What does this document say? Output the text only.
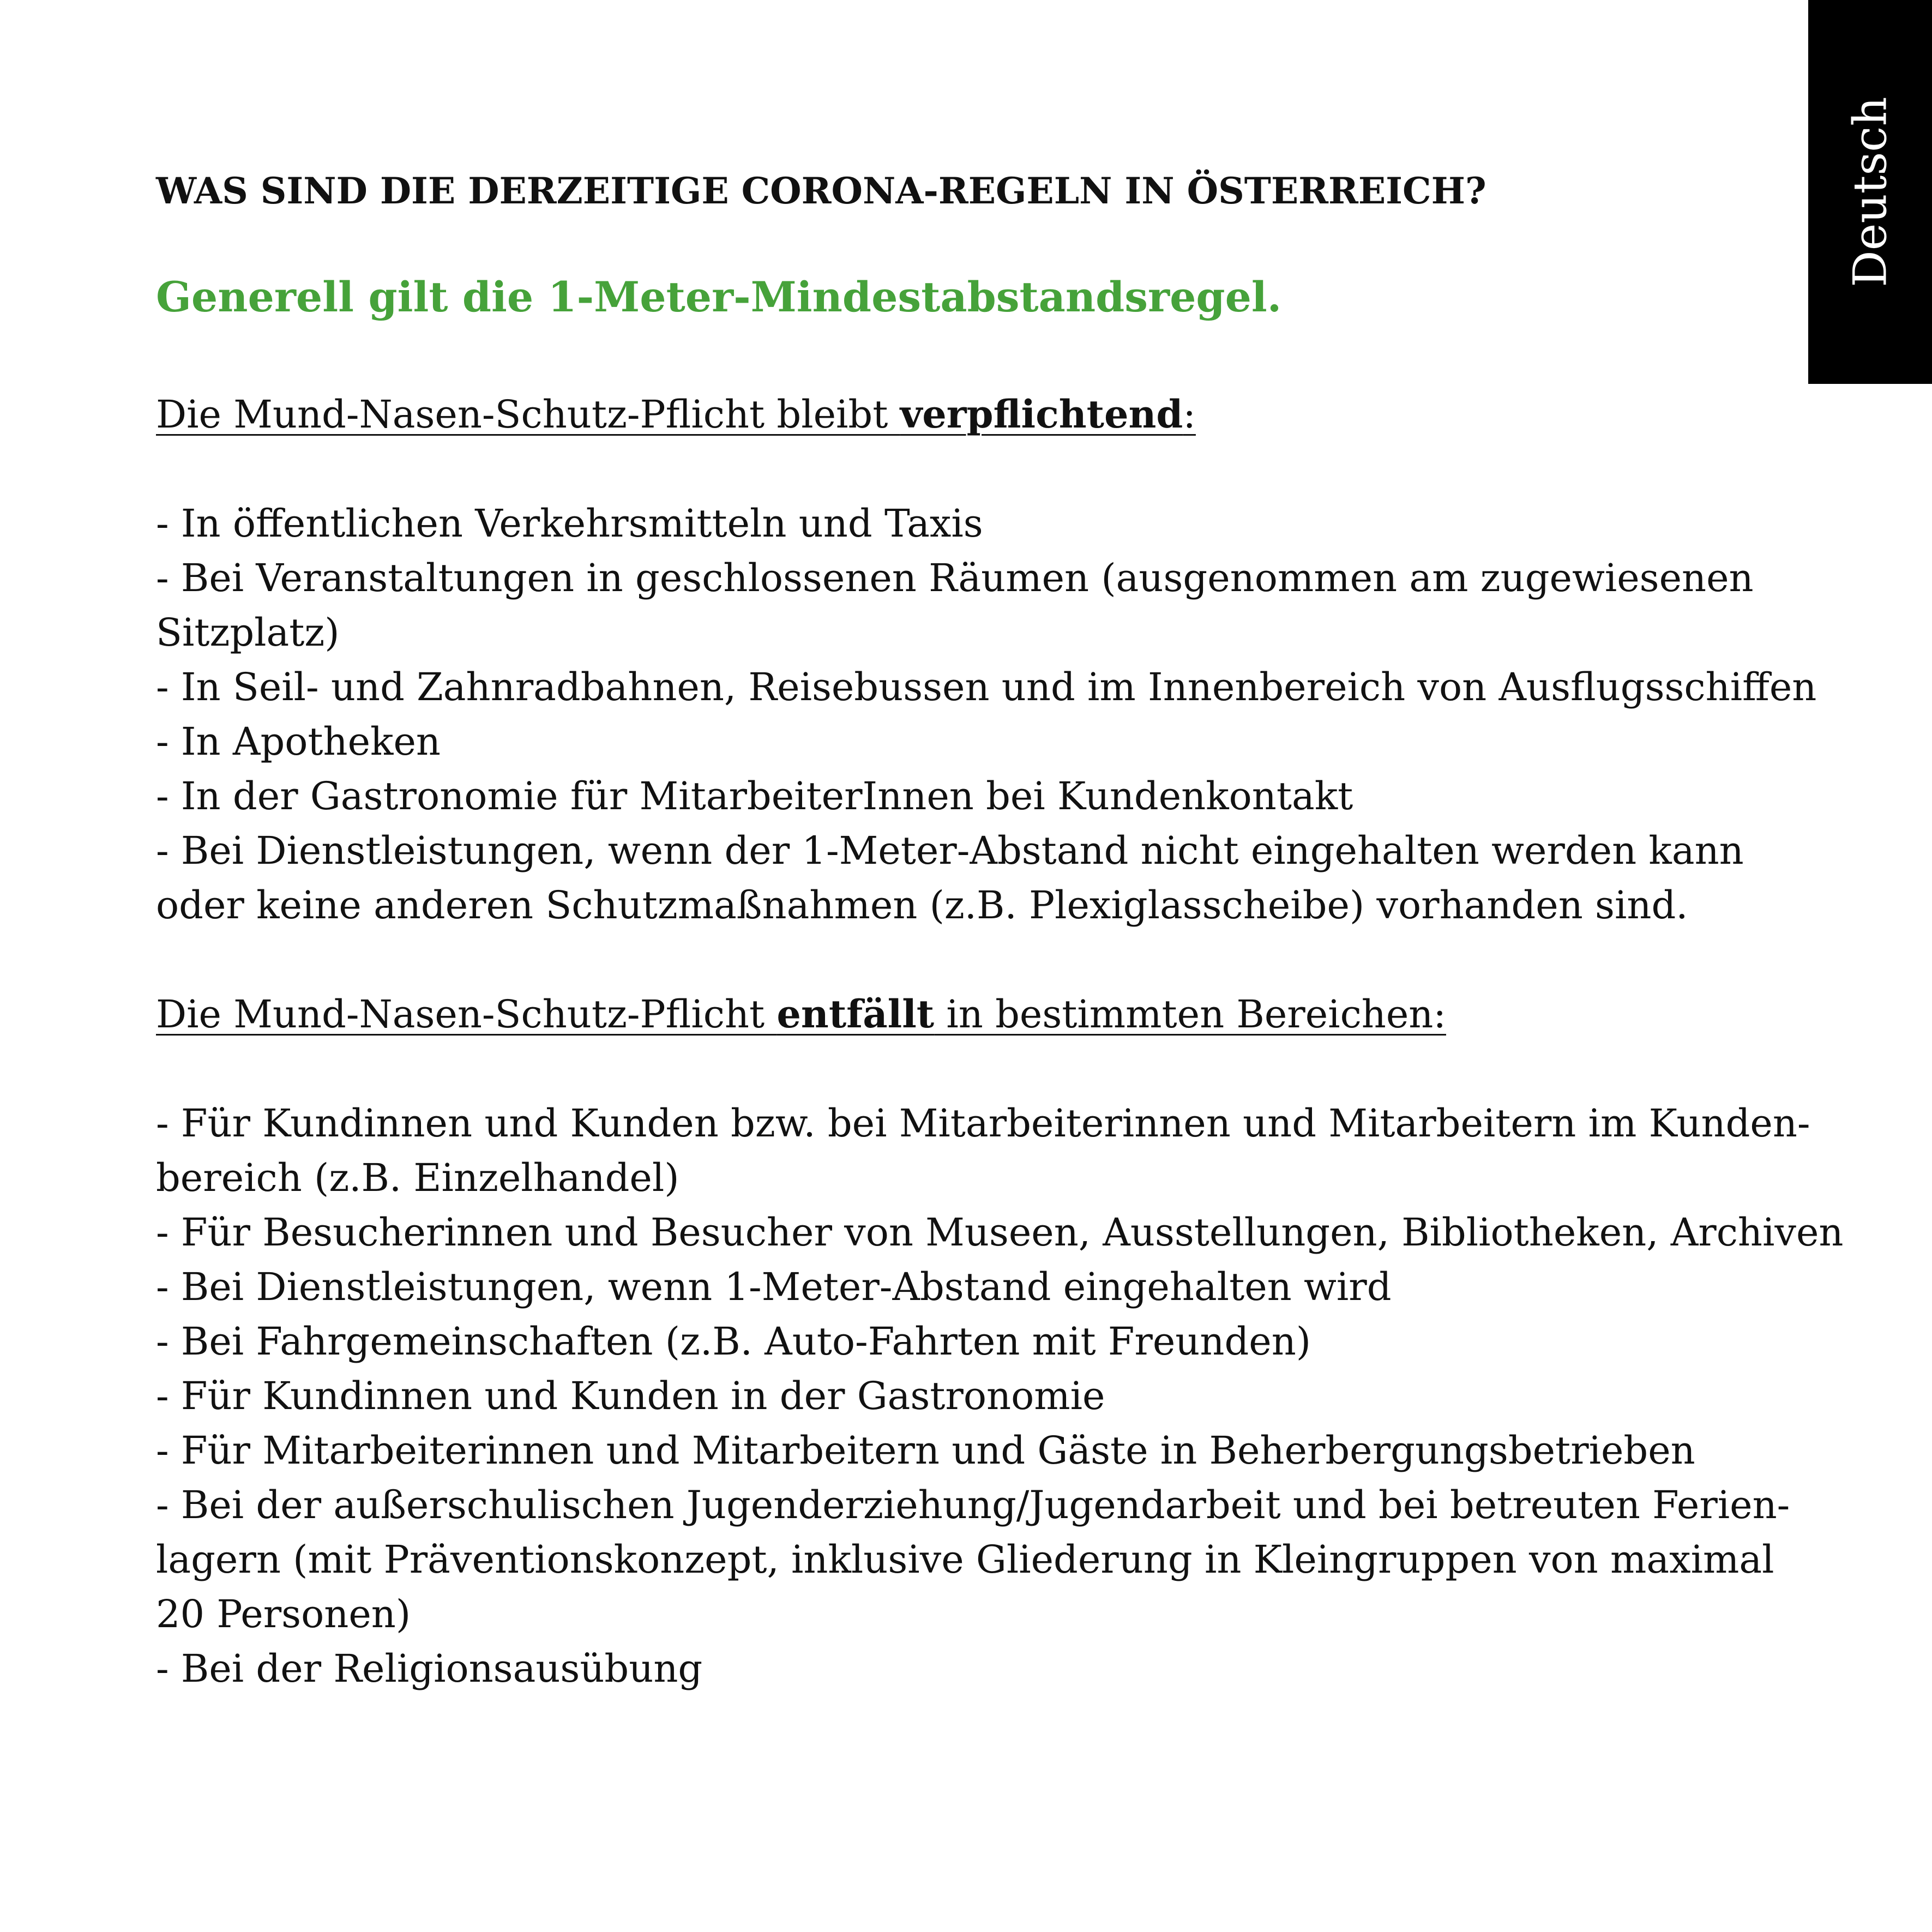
Deutsch
WAS SIND DIE DERZEITIGE CORONA-REGELN IN ÖSTERREICH?
Generell gilt die 1-Meter-Mindestabstandsregel.

Die Mund-Nasen-Schutz-Pflicht bleibt verpflichtend:

- In öffentlichen Verkehrsmitteln und Taxis
- Bei Veranstaltungen in geschlossenen Räumen (ausgenommen am zugewiesenen
Sitzplatz)
- In Seil- und Zahnradbahnen, Reisebussen und im Innenbereich von Ausflugsschiffen
- In Apotheken
- In der Gastronomie für MitarbeiterInnen bei Kundenkontakt
- Bei Dienstleistungen, wenn der 1-Meter-Abstand nicht eingehalten werden kann
oder keine anderen Schutzmaßnahmen (z.B. Plexiglasscheibe) vorhanden sind.

Die Mund-Nasen-Schutz-Pflicht entfällt in bestimmten Bereichen:

- Für Kundinnen und Kunden bzw. bei Mitarbeiterinnen und Mitarbeitern im Kunden-
bereich (z.B. Einzelhandel)
- Für Besucherinnen und Besucher von Museen, Ausstellungen, Bibliotheken, Archiven
- Bei Dienstleistungen, wenn 1-Meter-Abstand eingehalten wird
- Bei Fahrgemeinschaften (z.B. Auto-Fahrten mit Freunden)
- Für Kundinnen und Kunden in der Gastronomie
- Für Mitarbeiterinnen und Mitarbeitern und Gäste in Beherbergungsbetrieben
- Bei der außerschulischen Jugenderziehung/Jugendarbeit und bei betreuten Ferien-
lagern (mit Präventionskonzept, inklusive Gliederung in Kleingruppen von maximal
20 Personen)
- Bei der Religionsausübung
